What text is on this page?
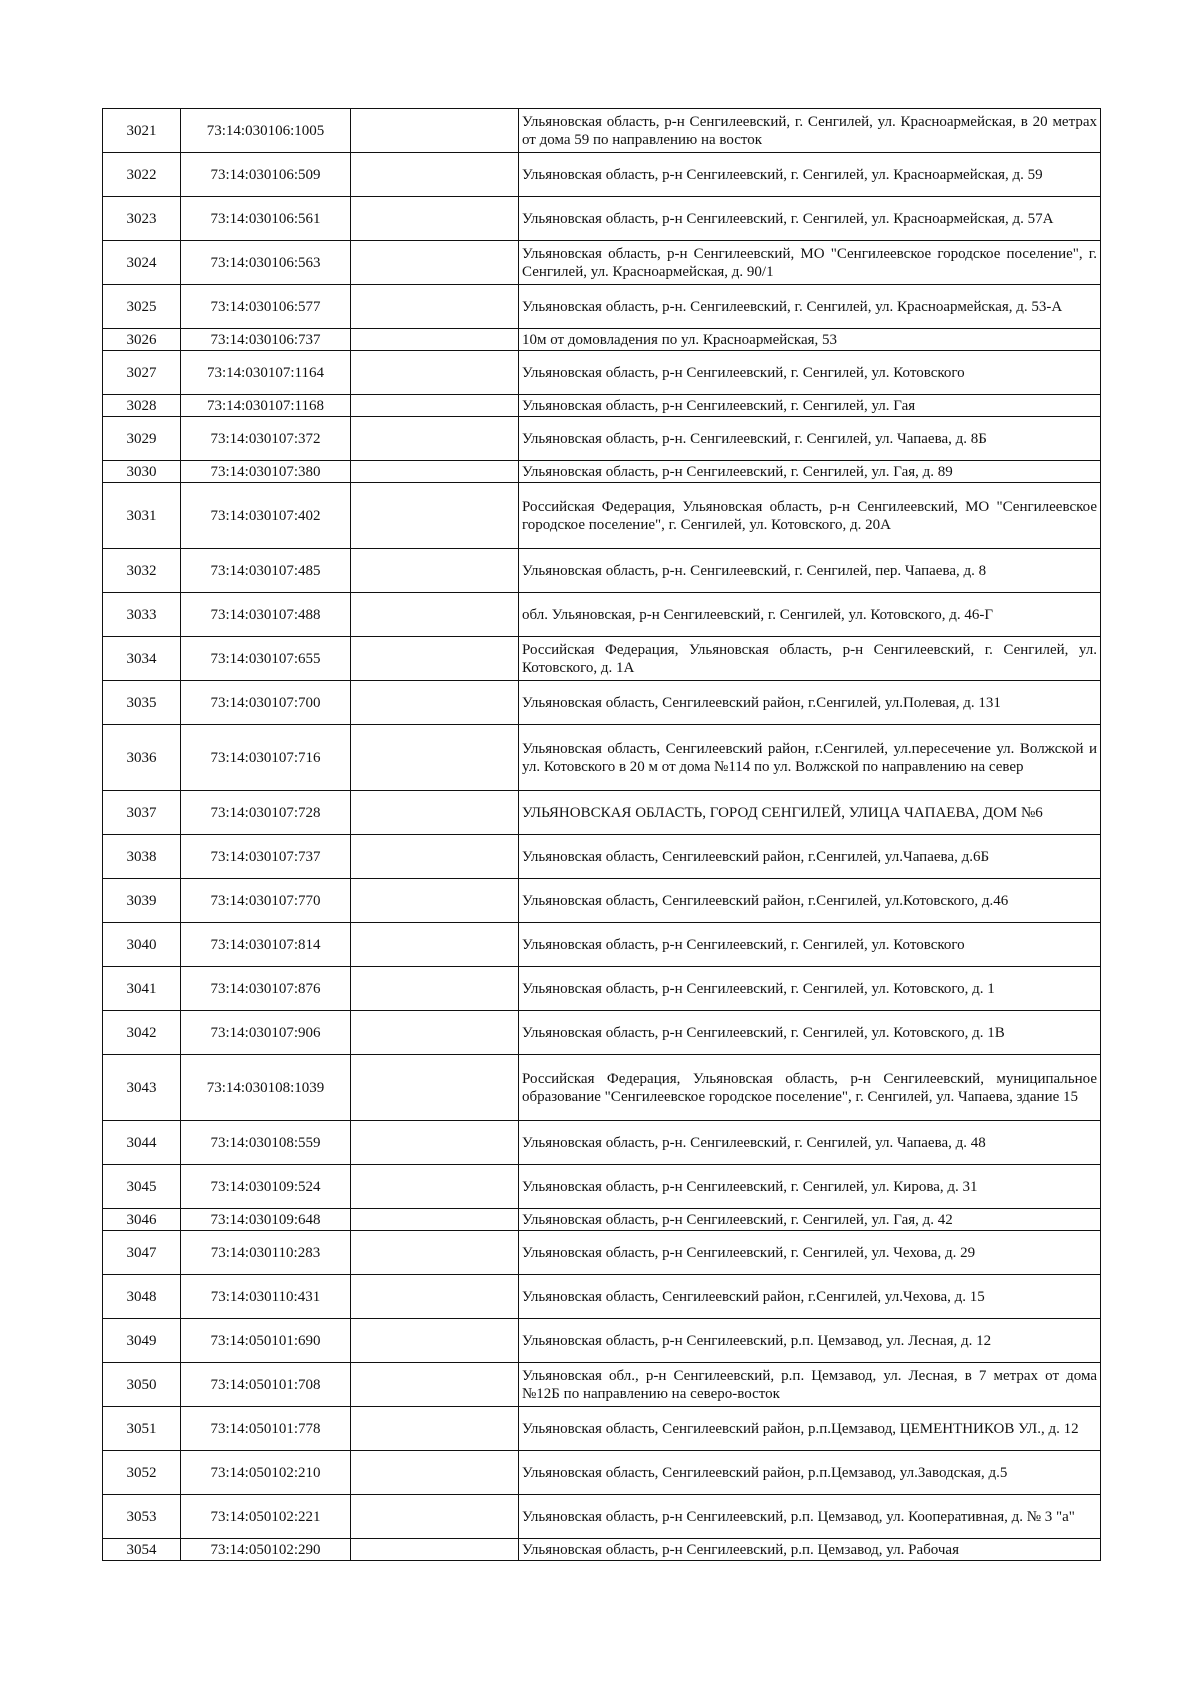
3021	73:14:030106:1005		Ульяновская область, р-н Сенгилеевский, г. Сенгилей, ул. Красноармейская, в 20 метрах от дома 59 по направлению на восток
3022	73:14:030106:509		Ульяновская область, р-н Сенгилеевский, г. Сенгилей, ул. Красноармейская, д. 59
3023	73:14:030106:561		Ульяновская область, р-н Сенгилеевский, г. Сенгилей, ул. Красноармейская, д. 57А
3024	73:14:030106:563		Ульяновская область, р-н Сенгилеевский, МО "Сенгилеевское городское поселение", г. Сенгилей, ул. Красноармейская, д. 90/1
3025	73:14:030106:577		Ульяновская область, р-н. Сенгилеевский, г. Сенгилей, ул. Красноармейская, д. 53-А
3026	73:14:030106:737		10м от домовладения по ул. Красноармейская, 53
3027	73:14:030107:1164		Ульяновская область, р-н Сенгилеевский, г. Сенгилей, ул. Котовского
3028	73:14:030107:1168		Ульяновская область, р-н Сенгилеевский, г. Сенгилей, ул. Гая
3029	73:14:030107:372		Ульяновская область, р-н. Сенгилеевский, г. Сенгилей, ул. Чапаева, д. 8Б
3030	73:14:030107:380		Ульяновская область, р-н Сенгилеевский, г. Сенгилей, ул. Гая, д. 89
3031	73:14:030107:402		Российская Федерация, Ульяновская область, р-н Сенгилеевский, МО "Сенгилеевское городское поселение", г. Сенгилей, ул. Котовского, д. 20А
3032	73:14:030107:485		Ульяновская область, р-н. Сенгилеевский, г. Сенгилей, пер. Чапаева, д. 8
3033	73:14:030107:488		обл. Ульяновская, р-н Сенгилеевский, г. Сенгилей, ул. Котовского, д. 46-Г
3034	73:14:030107:655		Российская Федерация, Ульяновская область, р-н Сенгилеевский, г. Сенгилей, ул. Котовского, д. 1А
3035	73:14:030107:700		Ульяновская область, Сенгилеевский район, г.Сенгилей, ул.Полевая, д. 131
3036	73:14:030107:716		Ульяновская область, Сенгилеевский район, г.Сенгилей, ул.пересечение ул. Волжской и ул. Котовского в 20 м от дома №114 по ул. Волжской по направлению на север
3037	73:14:030107:728		УЛЬЯНОВСКАЯ ОБЛАСТЬ, ГОРОД СЕНГИЛЕЙ, УЛИЦА ЧАПАЕВА, ДОМ №6
3038	73:14:030107:737		Ульяновская область, Сенгилеевский район, г.Сенгилей, ул.Чапаева, д.6Б
3039	73:14:030107:770		Ульяновская область, Сенгилеевский район, г.Сенгилей, ул.Котовского, д.46
3040	73:14:030107:814		Ульяновская область, р-н Сенгилеевский, г. Сенгилей, ул. Котовского
3041	73:14:030107:876		Ульяновская область, р-н Сенгилеевский, г. Сенгилей, ул. Котовского, д. 1
3042	73:14:030107:906		Ульяновская область, р-н Сенгилеевский, г. Сенгилей, ул. Котовского, д. 1В
3043	73:14:030108:1039		Российская Федерация, Ульяновская область, р-н Сенгилеевский, муниципальное образование "Сенгилеевское городское поселение", г. Сенгилей, ул. Чапаева, здание 15
3044	73:14:030108:559		Ульяновская область, р-н. Сенгилеевский, г. Сенгилей, ул. Чапаева, д. 48
3045	73:14:030109:524		Ульяновская область, р-н Сенгилеевский, г. Сенгилей, ул. Кирова, д. 31
3046	73:14:030109:648		Ульяновская область, р-н Сенгилеевский, г. Сенгилей, ул. Гая, д. 42
3047	73:14:030110:283		Ульяновская область, р-н Сенгилеевский, г. Сенгилей, ул. Чехова, д. 29
3048	73:14:030110:431		Ульяновская область, Сенгилеевский район, г.Сенгилей, ул.Чехова, д. 15
3049	73:14:050101:690		Ульяновская область, р-н Сенгилеевский, р.п. Цемзавод, ул. Лесная, д. 12
3050	73:14:050101:708		Ульяновская обл., р-н Сенгилеевский, р.п. Цемзавод, ул. Лесная, в 7 метрах от дома №12Б по направлению на северо-восток
3051	73:14:050101:778		Ульяновская область, Сенгилеевский район, р.п.Цемзавод, ЦЕМЕНТНИКОВ УЛ., д. 12
3052	73:14:050102:210		Ульяновская область, Сенгилеевский район, р.п.Цемзавод, ул.Заводская, д.5
3053	73:14:050102:221		Ульяновская область, р-н Сенгилеевский, р.п. Цемзавод, ул. Кооперативная, д. № 3 "а"
3054	73:14:050102:290		Ульяновская область, р-н Сенгилеевский, р.п. Цемзавод, ул. Рабочая
